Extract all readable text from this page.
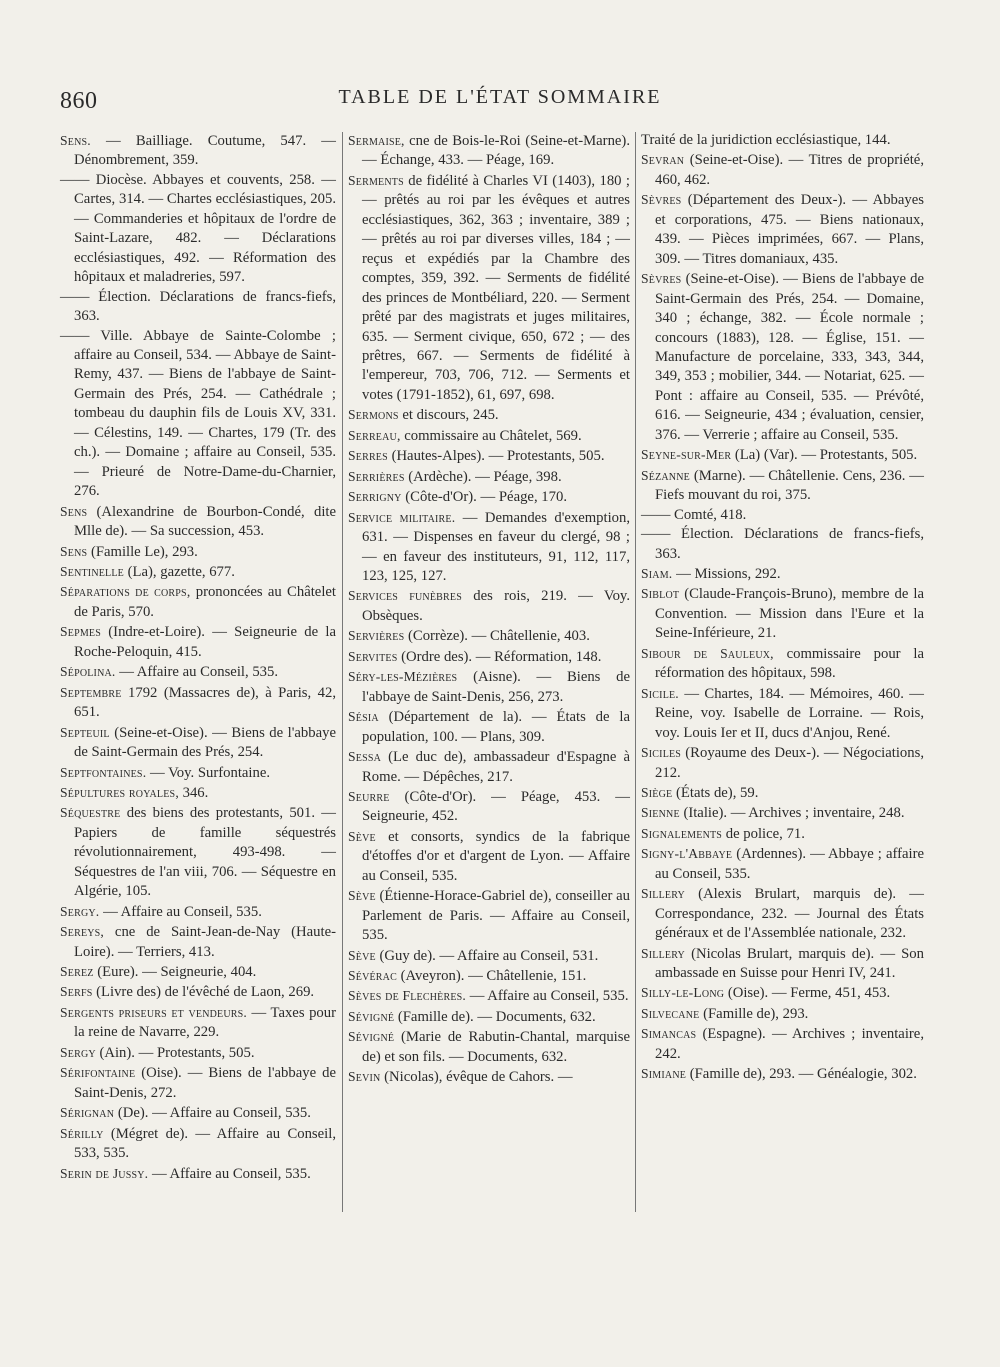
860	TABLE DE L'ÉTAT SOMMAIRE

Sens. — Bailliage. Coutume, 547. — Dénombrement, 359.

—— Diocèse. Abbayes et couvents, 258. — Cartes, 314. — Chartes ecclésiastiques, 205. — Commanderies et hôpitaux de l'ordre de Saint-Lazare, 482. — Déclarations ecclésiastiques, 492. — Réformation des hôpitaux et maladreries, 597.

—— Élection. Déclarations de francs-fiefs, 363.

—— Ville. Abbaye de Sainte-Colombe ; affaire au Conseil, 534. — Abbaye de Saint-Remy, 437. — Biens de l'abbaye de Saint-Germain des Prés, 254. — Cathédrale ; tombeau du dauphin fils de Louis XV, 331. — Célestins, 149. — Chartes, 179 (Tr. des ch.). — Domaine ; affaire au Conseil, 535. — Prieuré de Notre-Dame-du-Charnier, 276.

Sens (Alexandrine de Bourbon-Condé, dite Mlle de). — Sa succession, 453.

Sens (Famille Le), 293.

Sentinelle (La), gazette, 677.

Séparations de corps, prononcées au Châtelet de Paris, 570.

Sepmes (Indre-et-Loire). — Seigneurie de la Roche-Peloquin, 415.

Sépolina. — Affaire au Conseil, 535.

Septembre 1792 (Massacres de), à Paris, 42, 651.

Septeuil (Seine-et-Oise). — Biens de l'abbaye de Saint-Germain des Prés, 254.

Septfontaines. — Voy. Surfontaine.

Sépultures royales, 346.

Séquestre des biens des protestants, 501. — Papiers de famille séquestrés révolutionnairement, 493-498. — Séquestres de l'an viii, 706. — Séquestre en Algérie, 105.

Sergy. — Affaire au Conseil, 535.

Sereys, cne de Saint-Jean-de-Nay (Haute-Loire). — Terriers, 413.

Serez (Eure). — Seigneurie, 404.

Serfs (Livre des) de l'évêché de Laon, 269.

Sergents priseurs et vendeurs. — Taxes pour la reine de Navarre, 229.

Sergy (Ain). — Protestants, 505.

Sérifontaine (Oise). — Biens de l'abbaye de Saint-Denis, 272.

Sérignan (De). — Affaire au Conseil, 535.

Sérilly (Mégret de). — Affaire au Conseil, 533, 535.

Serin de Jussy. — Affaire au Conseil, 535.

Sermaise, cne de Bois-le-Roi (Seine-et-Marne). — Échange, 433. — Péage, 169.

Serments de fidélité à Charles VI (1403), 180 ; — prêtés au roi par les évêques et autres ecclésiastiques, 362, 363 ; inventaire, 389 ; — prêtés au roi par diverses villes, 184 ; — reçus et expédiés par la Chambre des comptes, 359, 392. — Serments de fidélité des princes de Montbéliard, 220. — Serment prêté par des magistrats et juges militaires, 635. — Serment civique, 650, 672 ; — des prêtres, 667. — Serments de fidélité à l'empereur, 703, 706, 712. — Serments et votes (1791-1852), 61, 697, 698.

Sermons et discours, 245.

Serreau, commissaire au Châtelet, 569.

Serres (Hautes-Alpes). — Protestants, 505.

Serrières (Ardèche). — Péage, 398.

Serrigny (Côte-d'Or). — Péage, 170.

Service militaire. — Demandes d'exemption, 631. — Dispenses en faveur du clergé, 98 ; — en faveur des instituteurs, 91, 112, 117, 123, 125, 127.

Services funèbres des rois, 219. — Voy. Obsèques.

Servières (Corrèze). — Châtellenie, 403.

Servites (Ordre des). — Réformation, 148.

Séry-les-Mézières (Aisne). — Biens de l'abbaye de Saint-Denis, 256, 273.

Sésia (Département de la). — États de la population, 100. — Plans, 309.

Sessa (Le duc de), ambassadeur d'Espagne à Rome. — Dépêches, 217.

Seurre (Côte-d'Or). — Péage, 453. — Seigneurie, 452.

Sève et consorts, syndics de la fabrique d'étoffes d'or et d'argent de Lyon. — Affaire au Conseil, 535.

Sève (Étienne-Horace-Gabriel de), conseiller au Parlement de Paris. — Affaire au Conseil, 535.

Sève (Guy de). — Affaire au Conseil, 531.

Sévérac (Aveyron). — Châtellenie, 151.

Sèves de Flechères. — Affaire au Conseil, 535.

Sévigné (Famille de). — Documents, 632.

Sévigné (Marie de Rabutin-Chantal, marquise de) et son fils. — Documents, 632.

Sevin (Nicolas), évêque de Cahors. —

Traité de la juridiction ecclésiastique, 144.

Sevran (Seine-et-Oise). — Titres de propriété, 460, 462.

Sèvres (Département des Deux-). — Abbayes et corporations, 475. — Biens nationaux, 439. — Pièces imprimées, 667. — Plans, 309. — Titres domaniaux, 435.

Sèvres (Seine-et-Oise). — Biens de l'abbaye de Saint-Germain des Prés, 254. — Domaine, 340 ; échange, 382. — École normale ; concours (1883), 128. — Église, 151. — Manufacture de porcelaine, 333, 343, 344, 349, 353 ; mobilier, 344. — Notariat, 625. — Pont : affaire au Conseil, 535. — Prévôté, 616. — Seigneurie, 434 ; évaluation, censier, 376. — Verrerie ; affaire au Conseil, 535.

Seyne-sur-Mer (La) (Var). — Protestants, 505.

Sézanne (Marne). — Châtellenie. Cens, 236. — Fiefs mouvant du roi, 375.

—— Comté, 418.

—— Élection. Déclarations de francs-fiefs, 363.

Siam. — Missions, 292.

Siblot (Claude-François-Bruno), membre de la Convention. — Mission dans l'Eure et la Seine-Inférieure, 21.

Sibour de Sauleux, commissaire pour la réformation des hôpitaux, 598.

Sicile. — Chartes, 184. — Mémoires, 460. — Reine, voy. Isabelle de Lorraine. — Rois, voy. Louis Ier et II, ducs d'Anjou, René.

Siciles (Royaume des Deux-). — Négociations, 212.

Siège (États de), 59.

Sienne (Italie). — Archives ; inventaire, 248.

Signalements de police, 71.

Signy-l'Abbaye (Ardennes). — Abbaye ; affaire au Conseil, 535.

Sillery (Alexis Brulart, marquis de). — Correspondance, 232. — Journal des États généraux et de l'Assemblée nationale, 232.

Sillery (Nicolas Brulart, marquis de). — Son ambassade en Suisse pour Henri IV, 241.

Silly-le-Long (Oise). — Ferme, 451, 453.

Silvecane (Famille de), 293.

Simancas (Espagne). — Archives ; inventaire, 242.

Simiane (Famille de), 293. — Généalogie, 302.
